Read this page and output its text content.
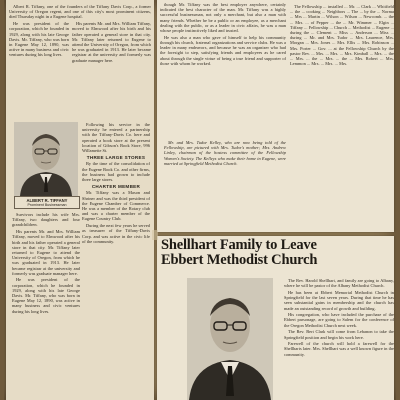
Albert R. Tiffany, one of the founders of the Tiffany Davis Corp., a former University of Oregon regent, and one of this city's most prominent citizens, died Thursday night in a Eugene hospital.

He was president of the corporation, which he founded in 1929, along with his late George Davis. Mr. Tiffany, who was born in Eugene May 12, 1890, was active in many business and civic ventures during his long lives.

His parents Mr. and Mrs. William Tiffany, moved to Elmwood after his birth and his father operated a general store in that city. Mr. Tiffany later returned to Eugene to attend the University of Oregon, from which he was graduated in 1913. He later became registrar at the university and formerly was graduate manager here.

ALBERT R. TIFFANY
Prominent Businessman

Following his service in the university he entered a partnership with the Tiffany-Davis Co. here and operated a book store at the present location of Gibson's Book Store, 996 Willamette St.

THREE LARGE STORES

By the time of the consolidation of the Eugene Book Co. and other firms, the business had grown to include three large stores.

CHARTER MEMBER

Mr. Tiffany was a Mason and Shriner and was the third president of the Eugene Chamber of Commerce. He was a member of the Rotary club and was a charter member of the Eugene Country Club.

During the next few years he served as treasurer of the Tiffany-Davis Corp. and was active in the civic life of the community.

Survivors include his wife Mrs. Tiffany, two daughters and four grandchildren.

His parents Mr. and Mrs. William Tiffany, moved to Elmwood after his birth and his father operated a general store in that city. Mr. Tiffany later returned to Eugene to attend the University of Oregon, from which he was graduated in 1913. He later became registrar at the university and formerly was graduate manager here.

He was president of the corporation, which he founded in 1929, along with his late George Davis. Mr. Tiffany, who was born in Eugene May 12, 1890, was active in many business and civic ventures during his long lives.

though Mr. Tiffany was the best employer anywhere, certainly indicated the best character of the man. Mr. Tiffany was a highly successful businessman, not only a merchant, but also a man with many friends. Whether he be a public or an employee, as a merchant dealing with the public, or as a leader in civic affairs, he was a man whose people instinctively liked and trusted.

He was also a man who gave of himself to help his community through his church, fraternal organizations and service clubs. He was a leader in many endeavors, and because he was an organizer who had the foresight to step, satisfying friends and employees as he cared about through the single virtue of being a true friend and supporter of those with whom he worked.

Mr. and Mrs. Tudor Kelley, who are now being told of the Fellowship, are pictured with Mrs. Tudor's mother; Mrs. Andrew Linley, chairman of the hostess committee of the Fellowship Women's Society. The Kelleys who make their home in Eugene, were married at Springfield Methodist Church.

The Fellowship ... installed ... Mr. ... Clark ... Whitfield ... the ... cooking ... Neighbors ... The ... by the ... Norma ... Mrs ... Martin ... Wilson ... Wilson ... Newcomb. ... the ... Mrs. ... of Pepper ... the ... Mr. Wimmer ... Elgin ... Tiffany ... Fellowship ... Church ... Methodist ... Eugene ... during the ... Clement ... Miss ... Anderson ... Miss ... during ... Mr. and Mrs. Tudor ... Mrs. Laurence, Mrs. Morgan ... Mrs. Jones ... Mrs. Ellis ... Mrs. Robinson ... Mrs. Porter ... Gov. ... at the Fellowship Church by the pastor Rev. ... Mrs. ... Mrs. ... Mrs. Kimball ... Mrs. ... the ... Mrs. ... the ... Mrs. ... the ... Mrs. Robert ... Mrs. Lemmon ... Mrs. ... Mrs. ... Mrs.

Shellhart Family to Leave
Ebbert Methodist Church

The Rev. Harold Shellhart, and family are going to Albany, where he will be pastor of the Albany Methodist Church.

He has been at Ebbert Memorial Methodist Church in Springfield for the last seven years. During that time he has seen substantial gains in membership and the church has made an outstanding record of growth and building.

His congregation, who have included the purchase of the Ebbert parsonage, are going to Salem for the conference of the Oregon Methodist Church next week.

The Rev. Bert Clark will come from Lebanon to take the Springfield position and begin his work here.

Farewell of the church will hold a farewell for the Shellharts later. Mrs. Shellhart was a well known figure in the community.
